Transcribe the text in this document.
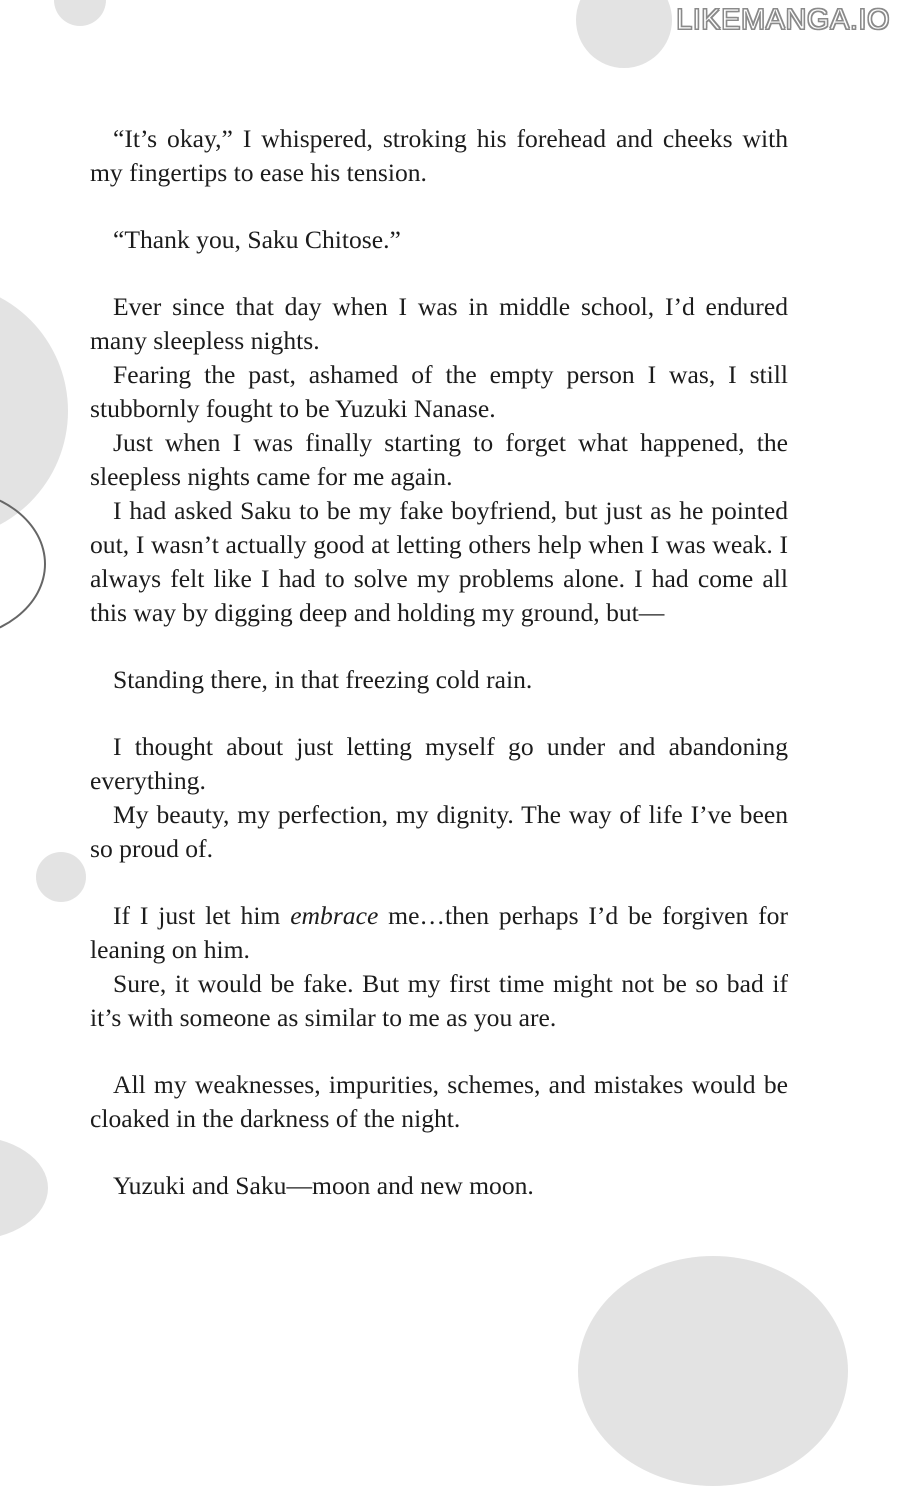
LIKEMANGA.IO

“It’s okay,” I whispered, stroking his forehead and cheeks with my fingertips to ease his tension.

“Thank you, Saku Chitose.”

Ever since that day when I was in middle school, I’d endured many sleepless nights.

Fearing the past, ashamed of the empty person I was, I still stubbornly fought to be Yuzuki Nanase.

Just when I was finally starting to forget what happened, the sleepless nights came for me again.

I had asked Saku to be my fake boyfriend, but just as he pointed out, I wasn’t actually good at letting others help when I was weak. I always felt like I had to solve my problems alone. I had come all this way by digging deep and holding my ground, but—

Standing there, in that freezing cold rain.

I thought about just letting myself go under and abandoning everything.

My beauty, my perfection, my dignity. The way of life I’ve been so proud of.

If I just let him embrace me…then perhaps I’d be forgiven for leaning on him.

Sure, it would be fake. But my first time might not be so bad if it’s with someone as similar to me as you are.

All my weaknesses, impurities, schemes, and mistakes would be cloaked in the darkness of the night.

Yuzuki and Saku—moon and new moon.
